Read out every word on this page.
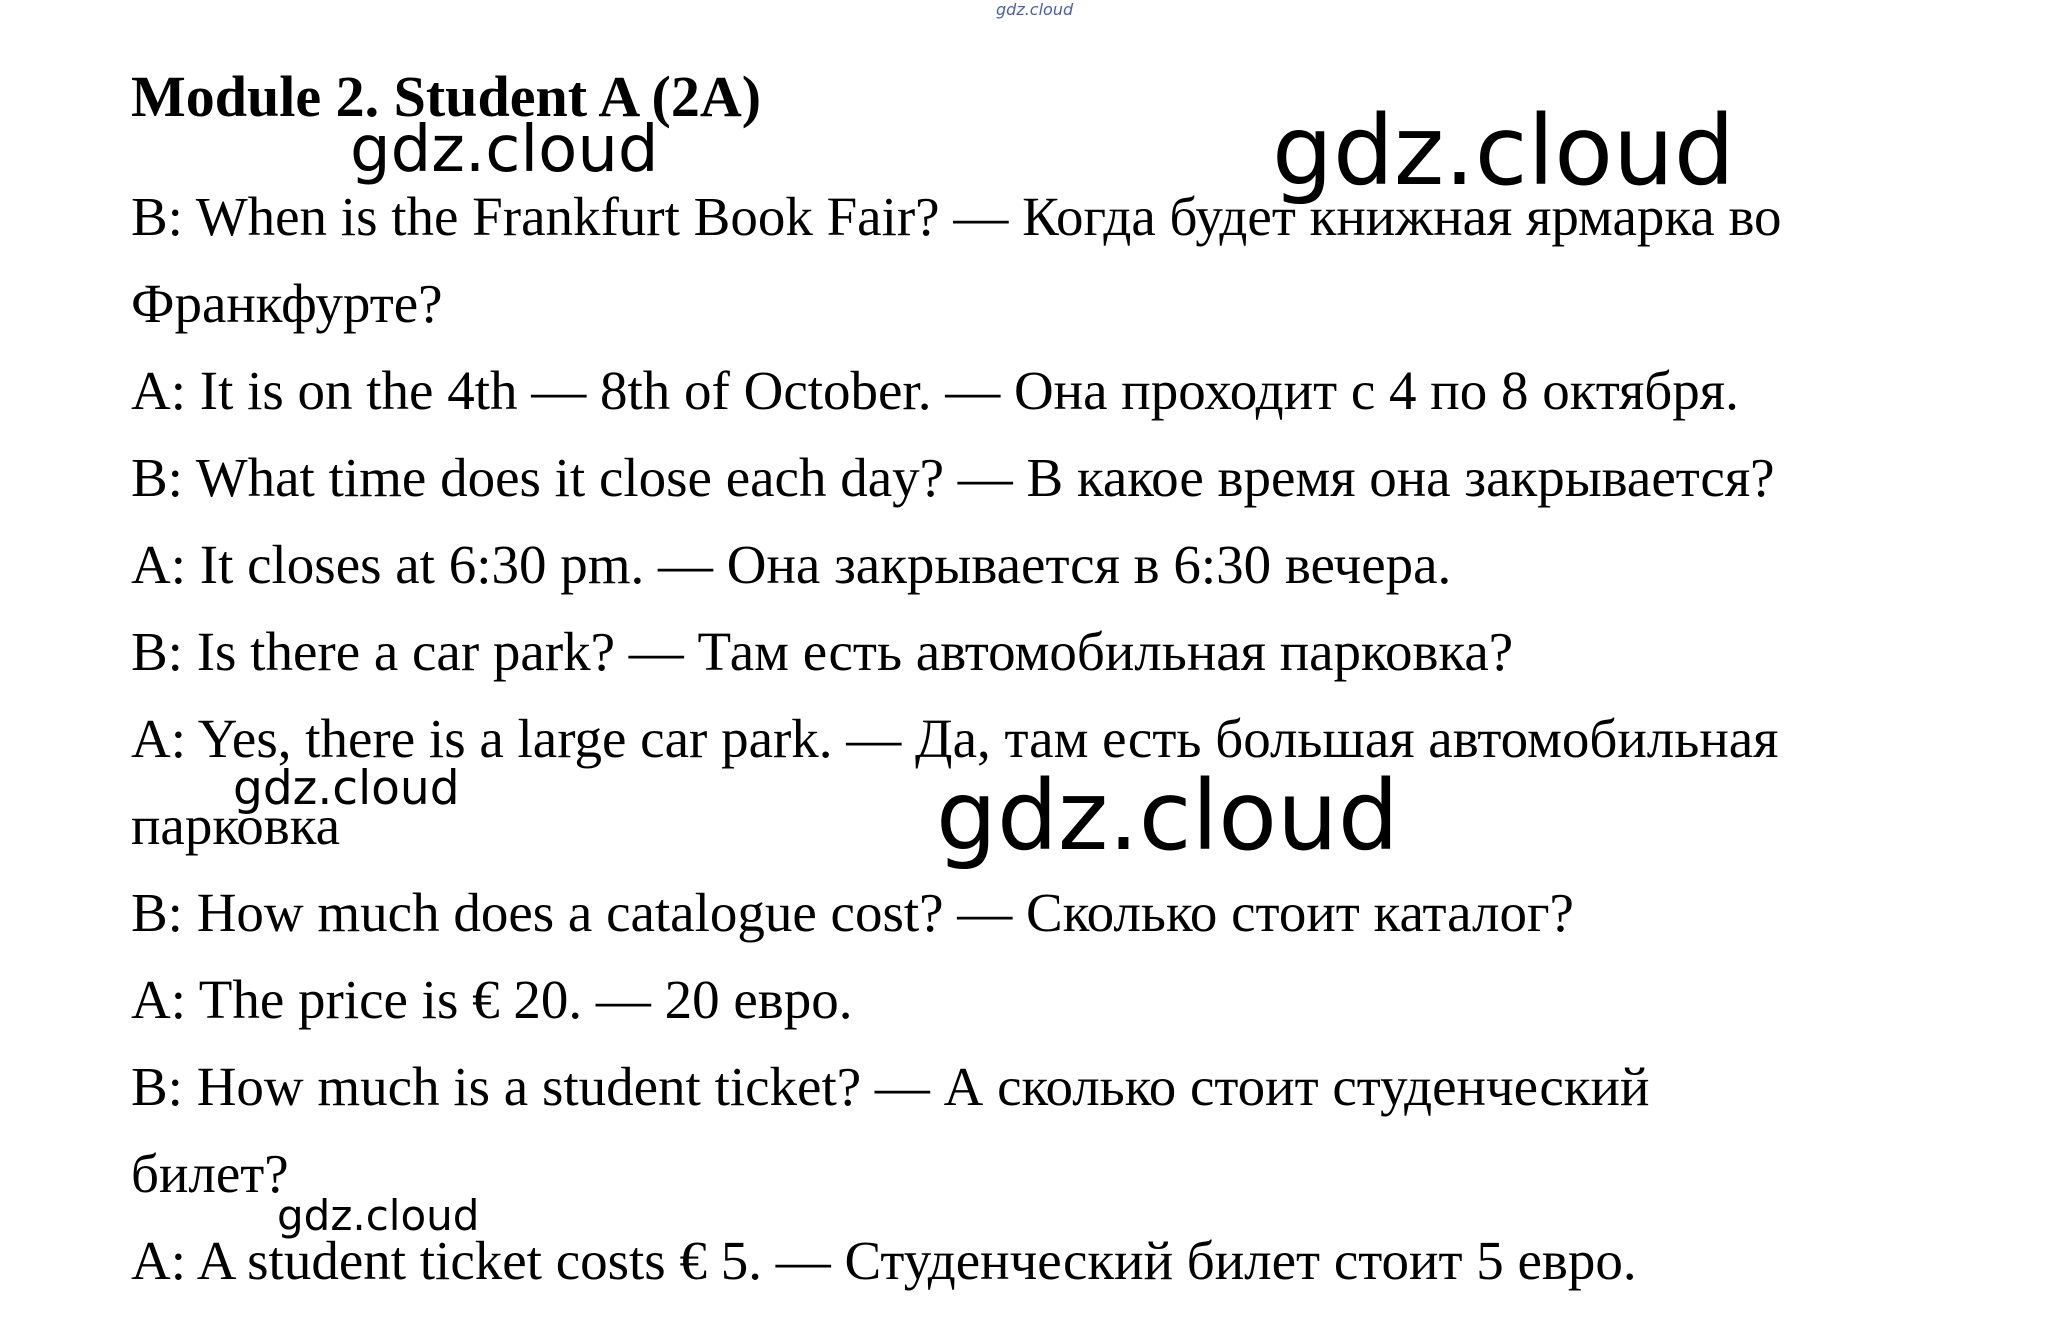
gdz.cloud
Module 2. Student A (2A)
B: When is the Frankfurt Book Fair? — Когда будет книжная ярмарка во
Франкфурте?
A: It is on the 4th — 8th of October. — Она проходит с 4 по 8 октября.
B: What time does it close each day? — В какое время она закрывается?
A: It closes at 6:30 pm. — Она закрывается в 6:30 вечера.
B: Is there a car park? — Там есть автомобильная парковка?
A: Yes, there is a large car park. — Да, там есть большая автомобильная
парковка
B: How much does a catalogue cost? — Сколько стоит каталог?
A: The price is € 20. — 20 евро.
B: How much is a student ticket? — А сколько стоит студенческий
билет?
A: A student ticket costs € 5. — Студенческий билет стоит 5 евро.
gdz.cloud	gdz.cloud
gdz.cloud	gdz.cloud
gdz.cloud
